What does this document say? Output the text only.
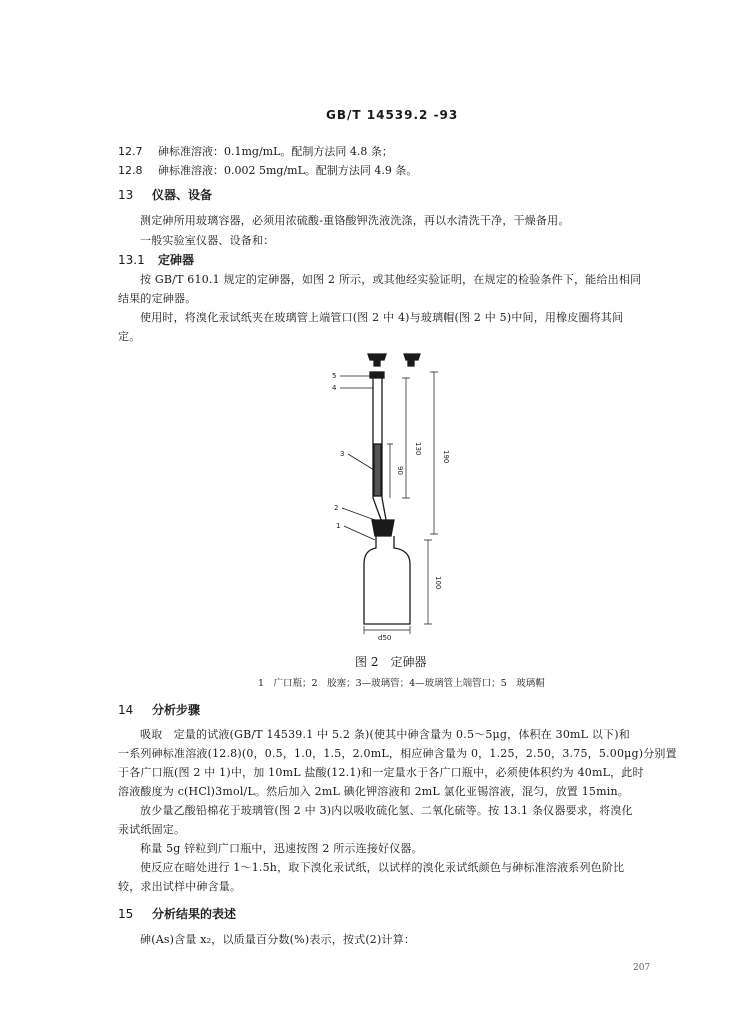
GB/T 14539.2 -93
12.7 砷标准溶液：0.1mg/mL。配制方法同 4.8 条；
12.8 砷标准溶液：0.002 5mg/mL。配制方法同 4.9 条。
13 仪器、设备
测定砷所用玻璃容器，必须用浓硫酸-重铬酸钾洗液洗涤，再以水清洗干净，干燥备用。
一般实验室仪器、设备和：
13.1 定砷器
按 GB/T 610.1 规定的定砷器，如图 2 所示，或其他经实验证明，在规定的检验条件下，能给出相同
结果的定砷器。
使用时，将溴化汞试纸夹在玻璃管上端管口(图 2 中 4)与玻璃帽(图 2 中 5)中间，用橡皮圈将其间
定。
5
4
3
2
1
130
90
190
100
d50
图 2　定砷器
1　广口瓶；2　胶塞；3—玻璃管；4—玻璃管上端管口；5　玻璃帽
14 分析步骤
吸取　定量的试液(GB/T 14539.1 中 5.2 条)(使其中砷含量为 0.5～5μg，体积在 30mL 以下)和
一系列砷标准溶液(12.8)(0，0.5，1.0，1.5，2.0mL，相应砷含量为 0，1.25，2.50，3.75，5.00μg)分别置
于各广口瓶(图 2 中 1)中，加 10mL 盐酸(12.1)和一定量水于各广口瓶中，必须使体积约为 40mL，此时
溶液酸度为 c(HCl)3mol/L。然后加入 2mL 碘化钾溶液和 2mL 氯化亚锡溶液，混匀，放置 15min。
放少量乙酸铅棉花于玻璃管(图 2 中 3)内以吸收硫化氢、二氧化硫等。按 13.1 条仪器要求，将溴化
汞试纸固定。
称量 5g 锌粒到广口瓶中，迅速按图 2 所示连接好仪器。
使反应在暗处进行 1～1.5h，取下溴化汞试纸，以试样的溴化汞试纸颜色与砷标准溶液系列色阶比
较，求出试样中砷含量。
15 分析结果的表述
砷(As)含量 x₂，以质量百分数(%)表示，按式(2)计算：
207
